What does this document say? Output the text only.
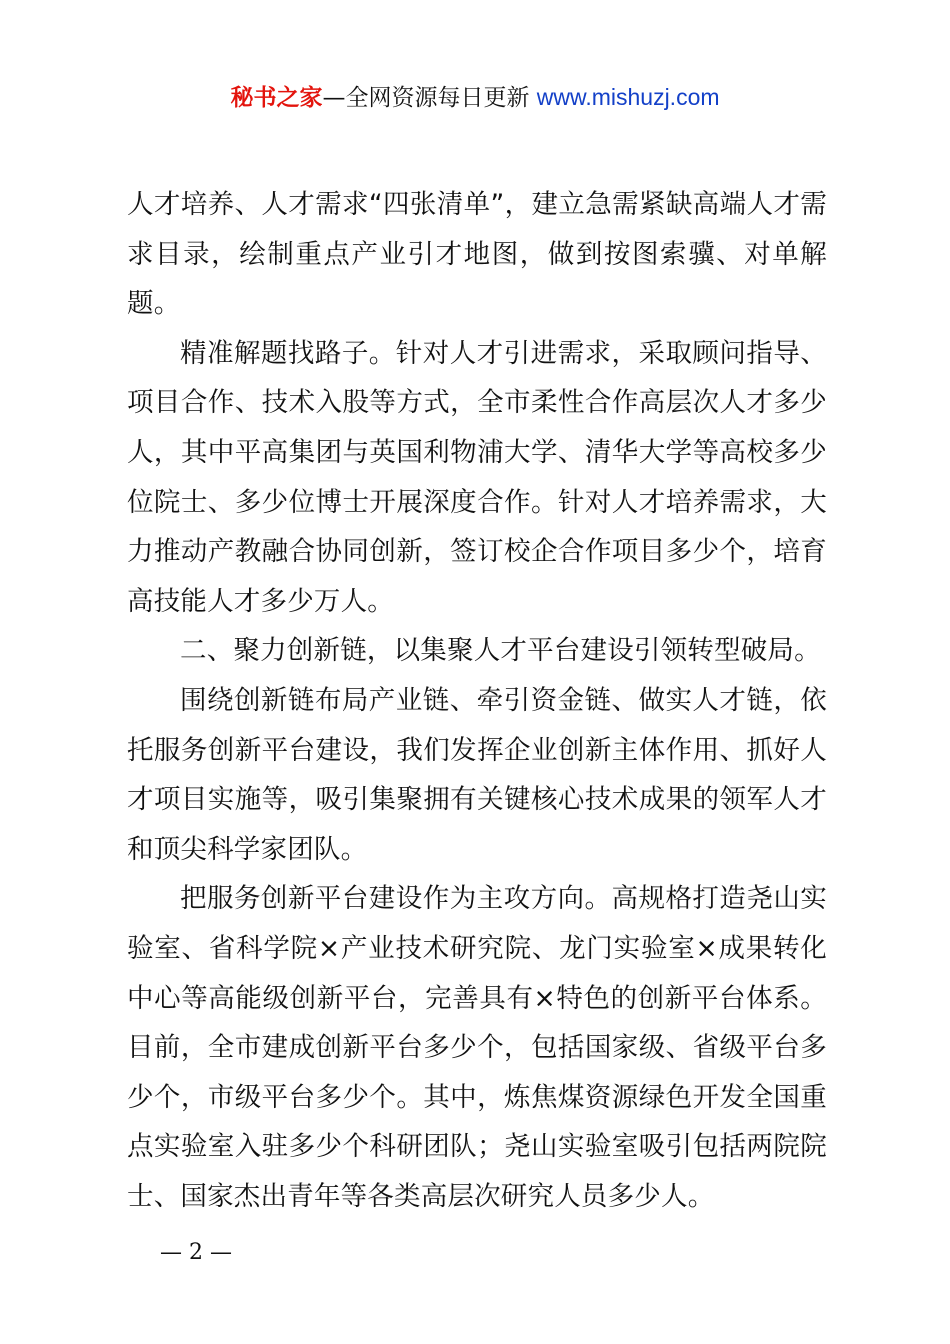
秘书之家—全网资源每日更新 www.mishuzj.com

人才培养、人才需求“四张清单”，建立急需紧缺高端人才需求目录，绘制重点产业引才地图，做到按图索骥、对单解题。

精准解题找路子。针对人才引进需求，采取顾问指导、项目合作、技术入股等方式，全市柔性合作高层次人才多少人，其中平高集团与英国利物浦大学、清华大学等高校多少位院士、多少位博士开展深度合作。针对人才培养需求，大力推动产教融合协同创新，签订校企合作项目多少个，培育高技能人才多少万人。

二、聚力创新链，以集聚人才平台建设引领转型破局。

围绕创新链布局产业链、牵引资金链、做实人才链，依托服务创新平台建设，我们发挥企业创新主体作用、抓好人才项目实施等，吸引集聚拥有关键核心技术成果的领军人才和顶尖科学家团队。

把服务创新平台建设作为主攻方向。高规格打造尧山实验室、省科学院×产业技术研究院、龙门实验室×成果转化中心等高能级创新平台，完善具有×特色的创新平台体系。目前，全市建成创新平台多少个，包括国家级、省级平台多少个，市级平台多少个。其中，炼焦煤资源绿色开发全国重点实验室入驻多少个科研团队；尧山实验室吸引包括两院院士、国家杰出青年等各类高层次研究人员多少人。

— 2 —
